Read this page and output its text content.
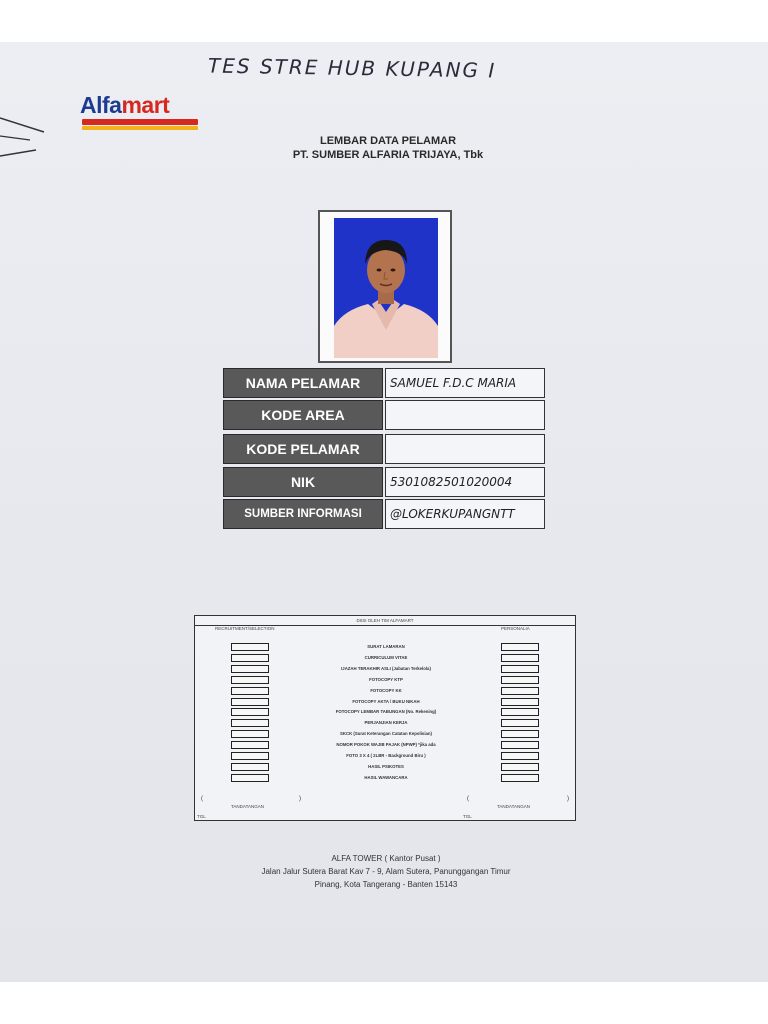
TES STRE HUB KUPANG I
Alfamart
LEMBAR DATA PELAMAR
PT. SUMBER ALFARIA TRIJAYA, Tbk
NAMA PELAMAR	SAMUEL F.D.C MARIA
KODE AREA
KODE PELAMAR
NIK	5301082501020004
SUMBER INFORMASI	@LOKERKUPANGNTT
DIISI OLEH TIM ALFAMART
RECRUITMENT/SELECTION	PERSONALIA
SURAT LAMARAN
CURRICULUM VITAE
IJAZAH TERAKHIR ASLI (Jabatan Terkelola)
FOTOCOPY KTP
FOTOCOPY KK
FOTOCOPY AKTA / BUKU NIKAH
FOTOCOPY LEMBAR TABUNGAN (No. Rekening)
PERJANJIAN KERJA
SKCK (Surat Keterangan Catatan Kepolisian)
NOMOR POKOK WAJIB PAJAK (NPWP) *jika ada
FOTO 3 X 4 ( 2LBR - Background Biru )
HASIL PSIKOTES
HASIL WAWANCARA
(	)
TANDATANGAN
TGL
(	)
TANDATANGAN
TGL
ALFA TOWER ( Kantor Pusat )
Jalan Jalur Sutera Barat Kav 7 - 9, Alam Sutera, Panunggangan Timur
Pinang, Kota Tangerang - Banten 15143
